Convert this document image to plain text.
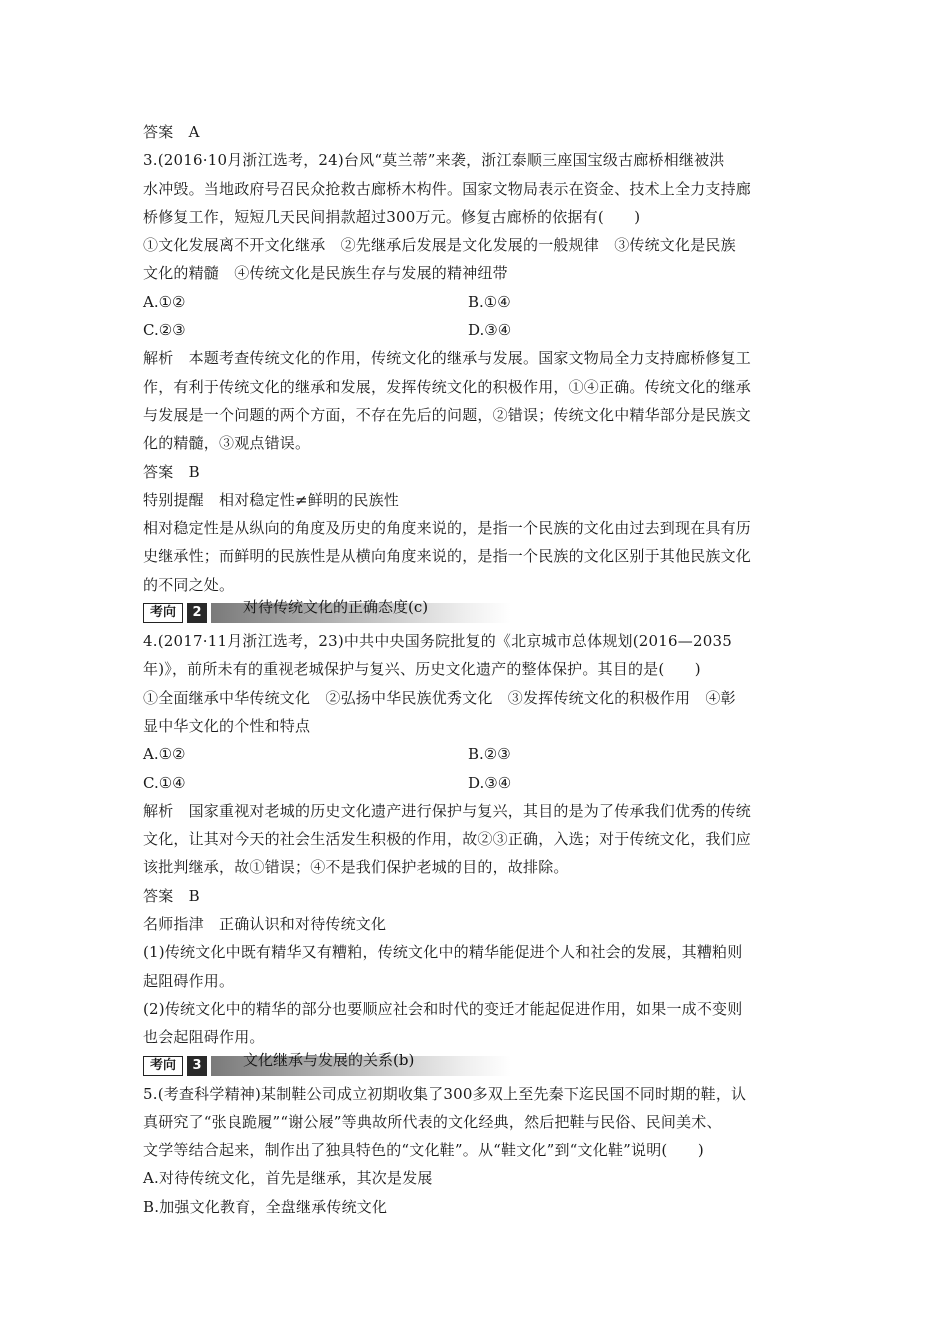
答案　A
3.(2016·10月浙江选考，24)台风“莫兰蒂”来袭，浙江泰顺三座国宝级古廊桥相继被洪
水冲毁。当地政府号召民众抢救古廊桥木构件。国家文物局表示在资金、技术上全力支持廊
桥修复工作，短短几天民间捐款超过300万元。修复古廊桥的依据有(　　)
①文化发展离不开文化继承　②先继承后发展是文化发展的一般规律　③传统文化是民族
文化的精髓　④传统文化是民族生存与发展的精神纽带
A.①②	B.①④
C.②③	D.③④
解析　本题考查传统文化的作用，传统文化的继承与发展。国家文物局全力支持廊桥修复工
作，有利于传统文化的继承和发展，发挥传统文化的积极作用，①④正确。传统文化的继承
与发展是一个问题的两个方面，不存在先后的问题，②错误；传统文化中精华部分是民族文
化的精髓，③观点错误。
答案　B
特别提醒　相对稳定性≠鲜明的民族性
相对稳定性是从纵向的角度及历史的角度来说的，是指一个民族的文化由过去到现在具有历
史继承性；而鲜明的民族性是从横向角度来说的，是指一个民族的文化区别于其他民族文化
的不同之处。
考向	2	对待传统文化的正确态度(c)
4.(2017·11月浙江选考，23)中共中央国务院批复的《北京城市总体规划(2016—2035
年)》，前所未有的重视老城保护与复兴、历史文化遗产的整体保护。其目的是(　　)
①全面继承中华传统文化　②弘扬中华民族优秀文化　③发挥传统文化的积极作用　④彰
显中华文化的个性和特点
A.①②	B.②③
C.①④	D.③④
解析　国家重视对老城的历史文化遗产进行保护与复兴，其目的是为了传承我们优秀的传统
文化，让其对今天的社会生活发生积极的作用，故②③正确，入选；对于传统文化，我们应
该批判继承，故①错误；④不是我们保护老城的目的，故排除。
答案　B
名师指津　正确认识和对待传统文化
(1)传统文化中既有精华又有糟粕，传统文化中的精华能促进个人和社会的发展，其糟粕则
起阻碍作用。
(2)传统文化中的精华的部分也要顺应社会和时代的变迁才能起促进作用，如果一成不变则
也会起阻碍作用。
考向	3	文化继承与发展的关系(b)
5.(考查科学精神)某制鞋公司成立初期收集了300多双上至先秦下迄民国不同时期的鞋，认
真研究了“张良跪履”“谢公屐”等典故所代表的文化经典，然后把鞋与民俗、民间美术、
文学等结合起来，制作出了独具特色的“文化鞋”。从“鞋文化”到“文化鞋”说明(　　)
A.对待传统文化，首先是继承，其次是发展
B.加强文化教育，全盘继承传统文化
